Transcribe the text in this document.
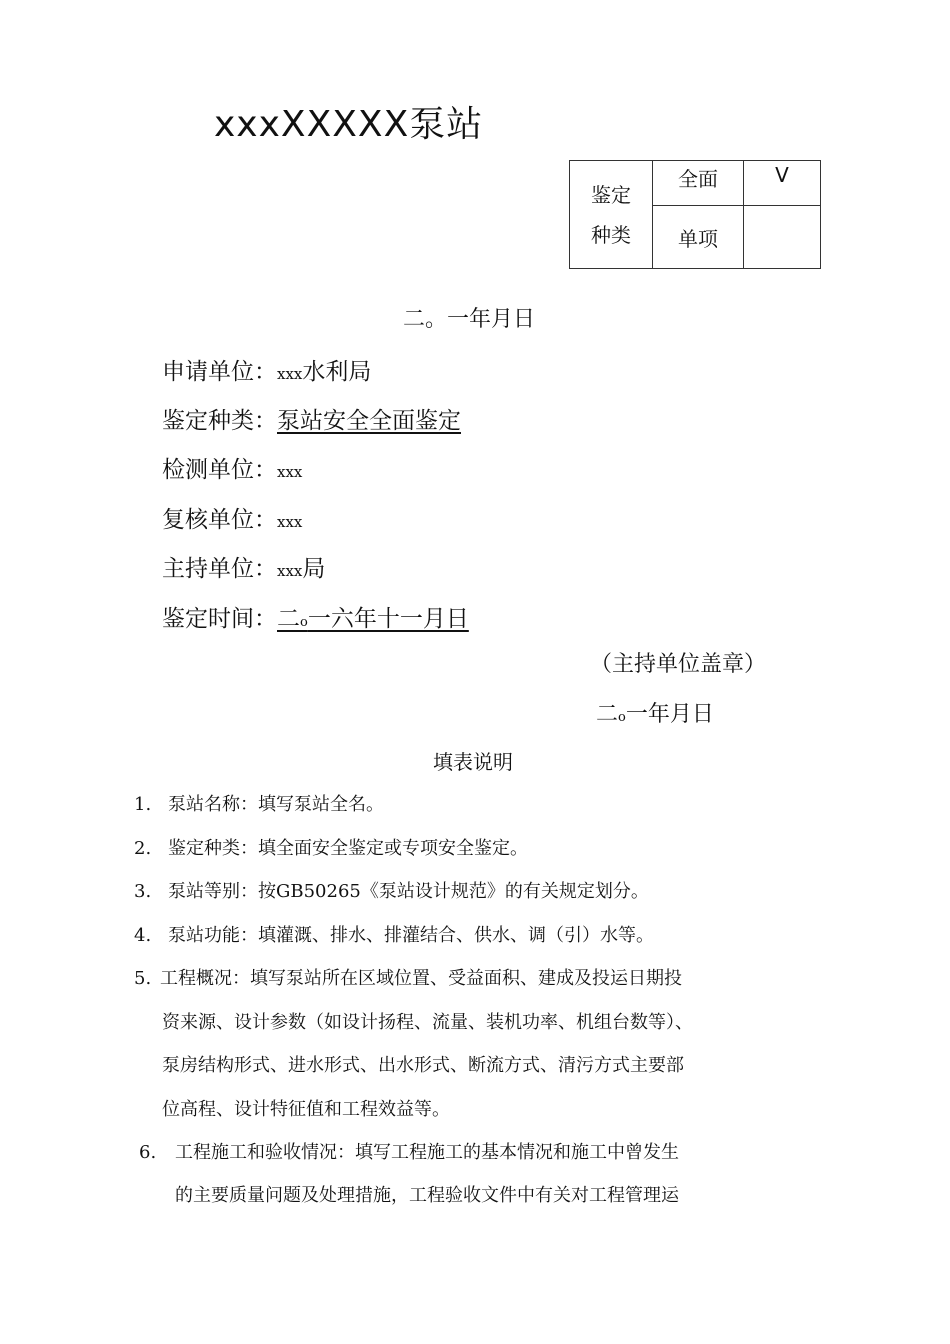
xxxXXXXX泵站
鉴定
种类	全面	V
	单项	
二。一年月日
申请单位：xxx水利局
鉴定种类：泵站安全全面鉴定
检测单位：xxx
复核单位：xxx
主持单位：xxx局
鉴定时间：二o一六年十一月日
（主持单位盖章）
二o一年月日
填表说明
1. 泵站名称：填写泵站全名。
2. 鉴定种类：填全面安全鉴定或专项安全鉴定。
3. 泵站等别：按GB50265《泵站设计规范》的有关规定划分。
4. 泵站功能：填灌溉、排水、排灌结合、供水、调（引）水等。
5. 工程概况：填写泵站所在区域位置、受益面积、建成及投运日期投
资来源、设计参数（如设计扬程、流量、装机功率、机组台数等）、
泵房结构形式、进水形式、出水形式、断流方式、清污方式主要部
位高程、设计特征值和工程效益等。
6. 工程施工和验收情况：填写工程施工的基本情况和施工中曾发生
的主要质量问题及处理措施，工程验收文件中有关对工程管理运
